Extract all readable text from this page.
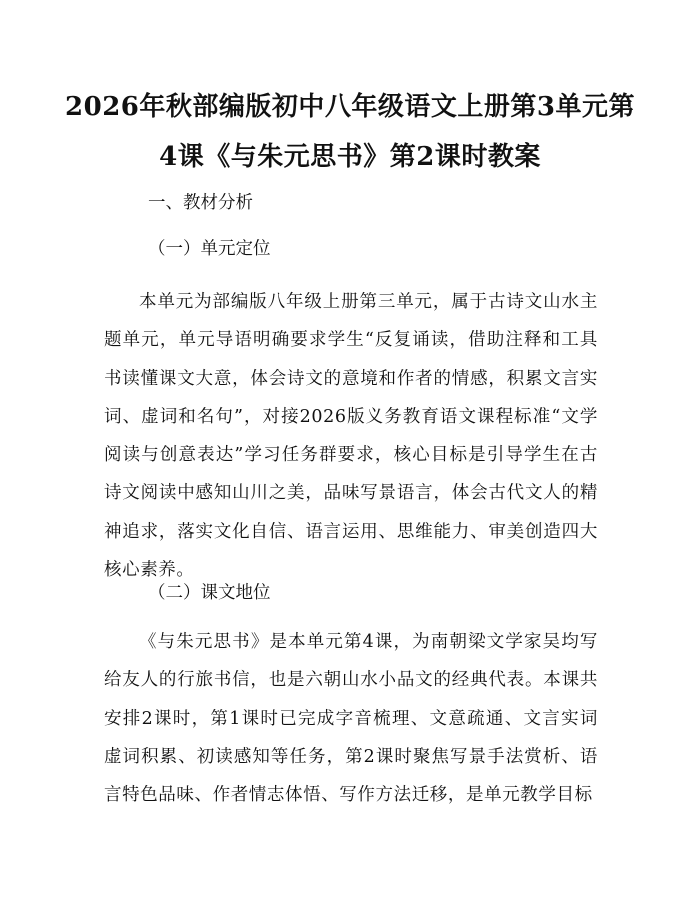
2026年秋部编版初中八年级语文上册第3单元第4课《与朱元思书》第2课时教案
一、教材分析
（一）单元定位

本单元为部编版八年级上册第三单元，属于古诗文山水主题单元，单元导语明确要求学生“反复诵读，借助注释和工具书读懂课文大意，体会诗文的意境和作者的情感，积累文言实词、虚词和名句”，对接2026版义务教育语文课程标准“文学阅读与创意表达”学习任务群要求，核心目标是引导学生在古诗文阅读中感知山川之美，品味写景语言，体会古代文人的精神追求，落实文化自信、语言运用、思维能力、审美创造四大核心素养。

（二）课文地位

《与朱元思书》是本单元第4课，为南朝梁文学家吴均写给友人的行旅书信，也是六朝山水小品文的经典代表。本课共安排2课时，第1课时已完成字音梳理、文意疏通、文言实词虚词积累、初读感知等任务，第2课时聚焦写景手法赏析、语言特色品味、作者情志体悟、写作方法迁移，是单元教学目标
